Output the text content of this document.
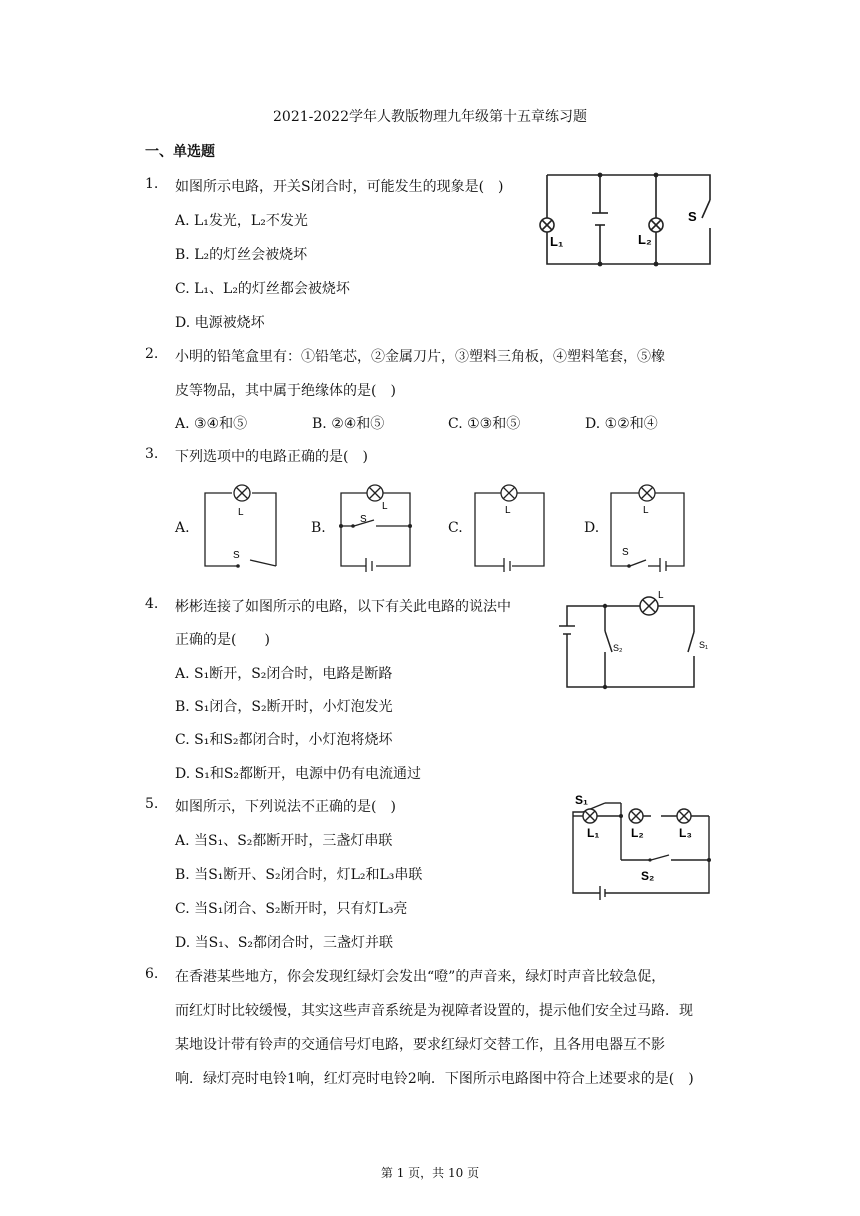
2021-2022学年人教版物理九年级第十五章练习题
一、单选题
1. 如图所示电路，开关S闭合时，可能发生的现象是(　)
A. L₁发光，L₂不发光
B. L₂的灯丝会被烧坏
C. L₁、L₂的灯丝都会被烧坏
D. 电源被烧坏
L₁	L₂
S
2. 小明的铅笔盒里有：①铅笔芯，②金属刀片，③塑料三角板，④塑料笔套，⑤橡
皮等物品，其中属于绝缘体的是(　)
A. ③④和⑤	B. ②④和⑤	C. ①③和⑤	D. ①②和④
3. 下列选项中的电路正确的是(　)
A.	B.	C.	D.
L
S
L
S
L	L
S
4. 彬彬连接了如图所示的电路，以下有关此电路的说法中
正确的是(　　)
A. S₁断开，S₂闭合时，电路是断路
B. S₁闭合，S₂断开时，小灯泡发光
C. S₁和S₂都闭合时，小灯泡将烧坏
D. S₁和S₂都断开，电源中仍有电流通过
L
S₂	S₁
5. 如图所示，下列说法不正确的是(　)
A. 当S₁、S₂都断开时，三盏灯串联
B. 当S₁断开、S₂闭合时，灯L₂和L₃串联
C. 当S₁闭合、S₂断开时，只有灯L₃亮
D. 当S₁、S₂都闭合时，三盏灯并联
S₁
L₁	L₂	L₃
S₂
6. 在香港某些地方，你会发现红绿灯会发出“噔”的声音来，绿灯时声音比较急促，
而红灯时比较缓慢，其实这些声音系统是为视障者设置的，提示他们安全过马路．现
某地设计带有铃声的交通信号灯电路，要求红绿灯交替工作，且各用电器互不影
响．绿灯亮时电铃1响，红灯亮时电铃2响．下图所示电路图中符合上述要求的是(　)
第 1 页，共 10 页
